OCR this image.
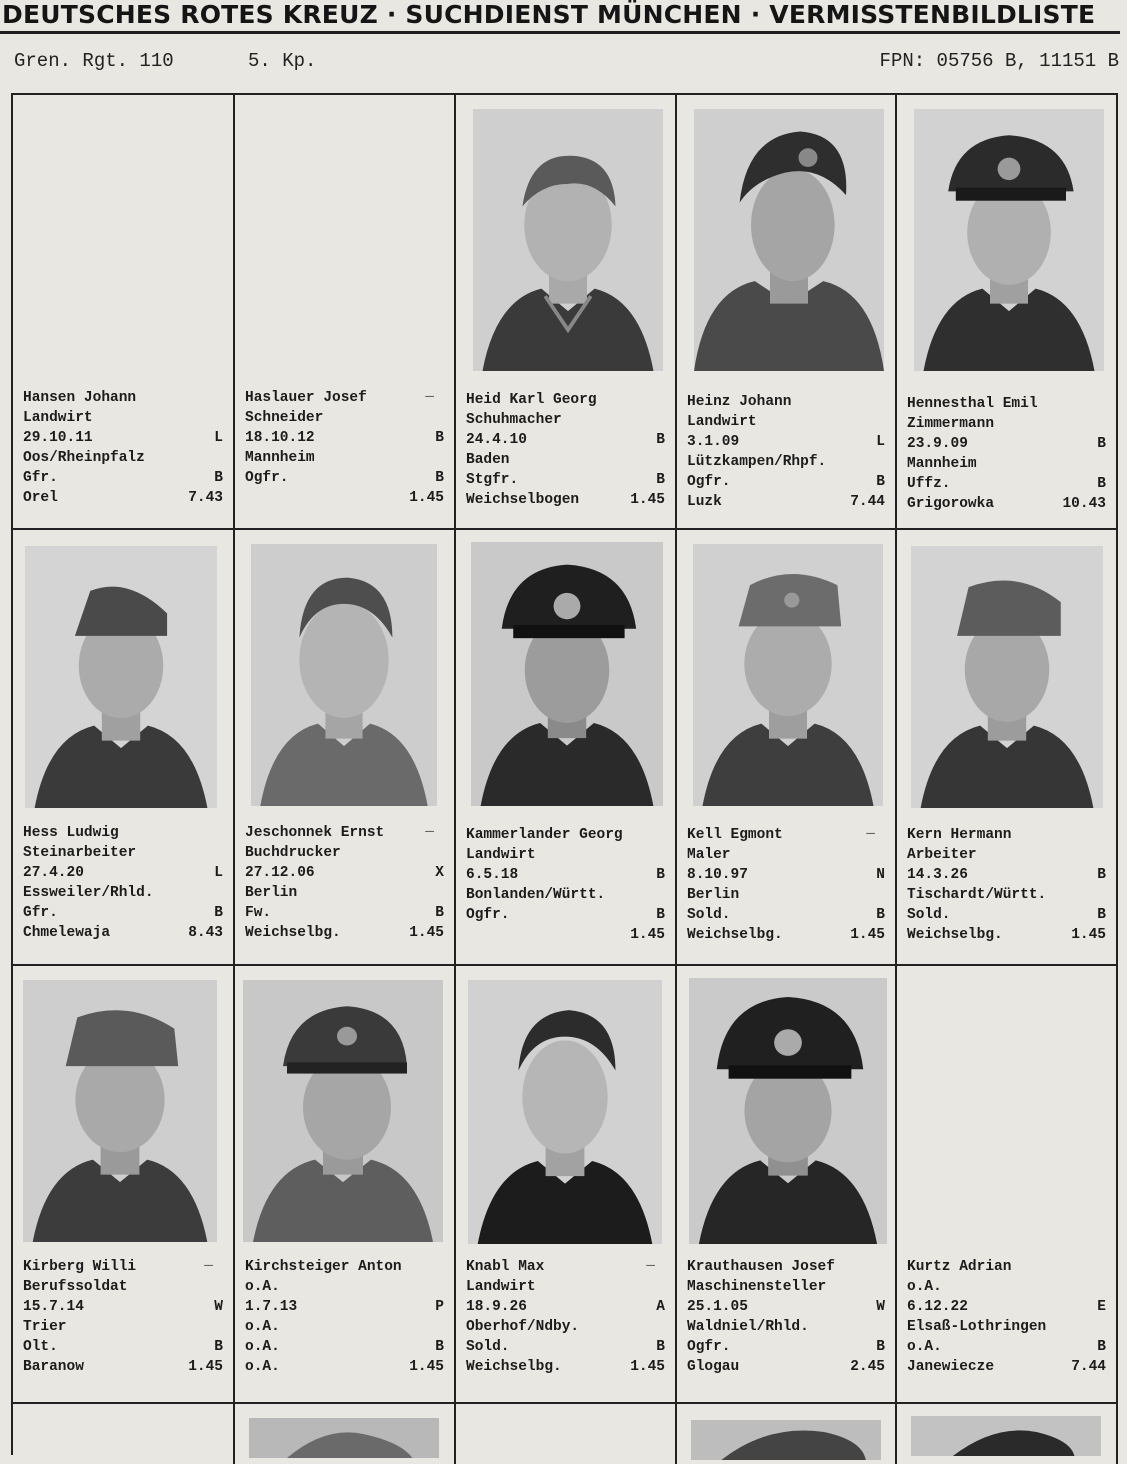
DEUTSCHES ROTES KREUZ · SUCHDIENST MÜNCHEN · VERMISSTENBILDLISTE
Gren. Rgt. 110	5. Kp.	FPN: 05756 B, 11151 B
Hansen Johann
Landwirt
29.10.11	L
Oos/Rheinpfalz
Gfr.	B
Orel	7.43
_
Haslauer Josef
Schneider
18.10.12	B
Mannheim
Ogfr.	B
1.45
Heid Karl Georg
Schuhmacher
24.4.10	B
Baden
Stgfr.	B
Weichselbogen	1.45
Heinz Johann
Landwirt
3.1.09	L
Lützkampen/Rhpf.
Ogfr.	B
Luzk	7.44
Hennesthal Emil
Zimmermann
23.9.09	B
Mannheim
Uffz.	B
Grigorowka	10.43
Hess Ludwig
Steinarbeiter
27.4.20	L
Essweiler/Rhld.
Gfr.	B
Chmelewaja	8.43
_
Jeschonnek Ernst
Buchdrucker
27.12.06	X
Berlin
Fw.	B
Weichselbg.	1.45
Kammerlander Georg
Landwirt
6.5.18	B
Bonlanden/Württ.
Ogfr.	B
1.45
_
Kell Egmont
Maler
8.10.97	N
Berlin
Sold.	B
Weichselbg.	1.45
Kern Hermann
Arbeiter
14.3.26	B
Tischardt/Württ.
Sold.	B
Weichselbg.	1.45
_
Kirberg Willi
Berufssoldat
15.7.14	W
Trier
Olt.	B
Baranow	1.45
Kirchsteiger Anton
o.A.
1.7.13	P
o.A.
o.A.	B
o.A.	1.45
_
Knabl Max
Landwirt
18.9.26	A
Oberhof/Ndby.
Sold.	B
Weichselbg.	1.45
Krauthausen Josef
Maschinensteller
25.1.05	W
Waldniel/Rhld.
Ogfr.	B
Glogau	2.45
Kurtz Adrian
o.A.
6.12.22	E
Elsaß-Lothringen
o.A.	B
Janewiecze	7.44
